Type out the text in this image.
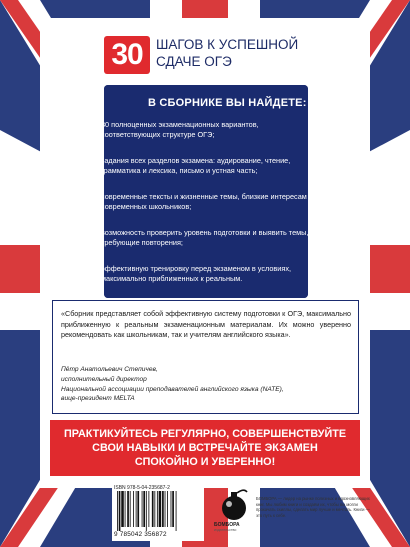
30 ШАГОВ К УСПЕШНОЙ
СДАЧЕ ОГЭ
В СБОРНИКЕ ВЫ НАЙДЕТЕ:
✓ 30 полноценных экзаменационных вариантов,
соответствующих структуре ОГЭ;
✓ задания всех разделов экзамена: аудирование, чтение,
грамматика и лексика, письмо и устная часть;
✓ современные тексты и жизненные темы, близкие интересам
современных школьников;
✓ возможность проверить уровень подготовки и выявить темы,
требующие повторения;
✓ эффективную тренировку перед экзаменом в условиях,
максимально приближенных к реальным.
«Сборник представляет собой эффективную систему подготовки к ОГЭ, максимально приближенную к реальным экзаменационным материалам. Их можно уверенно рекомендовать как школьникам, так и учителям английского языка».
Пётр Анатольевич Степичев,
исполнительный директор
Национальной ассоциации преподавателей английского языка (NATE),
вице-президент MELTA
ПРАКТИКУЙТЕСЬ РЕГУЛЯРНО, СОВЕРШЕНСТВУЙТЕ
СВОИ НАВЫКИ И ВСТРЕЧАЙТЕ ЭКЗАМЕН
СПОКОЙНО И УВЕРЕННО!
ISBN 978-5-04-235687-2
9 785042 356872
БОМБОРА
издательство
БОМБОРА — лидер на рынке полезных и вдохновляющих книг. Мы любим книги и создаём их, чтобы вы могли прокачать скиллы, сделать мир лучше и мечтать. Книги — это путь к себе.
